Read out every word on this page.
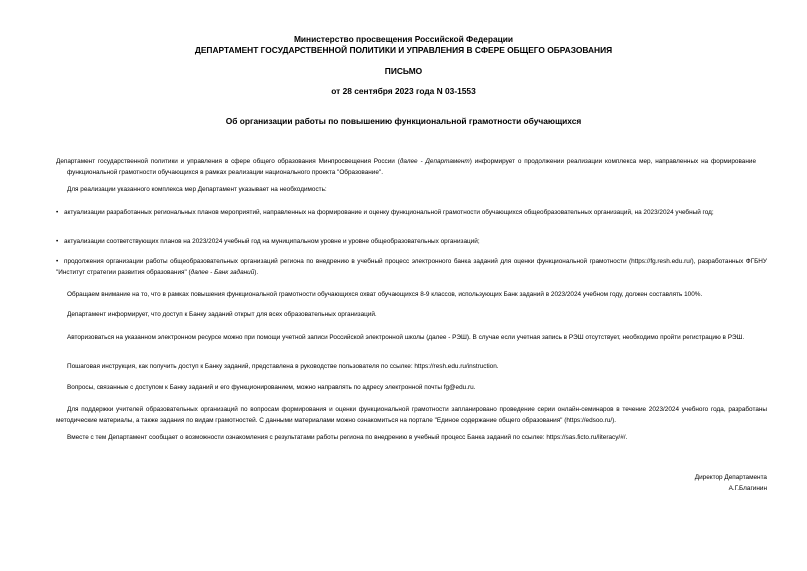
Министерство просвещения Российской Федерации
ДЕПАРТАМЕНТ ГОСУДАРСТВЕННОЙ ПОЛИТИКИ И УПРАВЛЕНИЯ В СФЕРЕ ОБЩЕГО ОБРАЗОВАНИЯ
ПИСЬМО
от 28 сентября 2023 года N 03-1553
Об организации работы по повышению функциональной грамотности обучающихся

Департамент государственной политики и управления в сфере общего образования Минпросвещения России (далее - Департамент) информирует о продолжении реализации комплекса мер, направленных на формирование функциональной грамотности обучающихся в рамках реализации национального проекта "Образование".

Для реализации указанного комплекса мер Департамент указывает на необходимость:

• актуализации разработанных региональных планов мероприятий, направленных на формирование и оценку функциональной грамотности обучающихся общеобразовательных организаций, на 2023/2024 учебный год;

• актуализации соответствующих планов на 2023/2024 учебный год на муниципальном уровне и уровне общеобразовательных организаций;

• продолжения организации работы общеобразовательных организаций региона по внедрению в учебный процесс электронного банка заданий для оценки функциональной грамотности (https://fg.resh.edu.ru/), разработанных ФГБНУ "Институт стратегии развития образования" (далее - Банк заданий).

Обращаем внимание на то, что в рамках повышения функциональной грамотности обучающихся охват обучающихся 8-9 классов, использующих Банк заданий в 2023/2024 учебном году, должен составлять 100%.

Департамент информирует, что доступ к Банку заданий открыт для всех образовательных организаций.

Авторизоваться на указанном электронном ресурсе можно при помощи учетной записи Российской электронной школы (далее - РЭШ). В случае если учетная запись в РЭШ отсутствует, необходимо пройти регистрацию в РЭШ.

Пошаговая инструкция, как получить доступ к Банку заданий, представлена в руководстве пользователя по ссылке: https://resh.edu.ru/instruction.

Вопросы, связанные с доступом к Банку заданий и его функционированием, можно направлять по адресу электронной почты fg@edu.ru.

Для поддержки учителей образовательных организаций по вопросам формирования и оценки функциональной грамотности запланировано проведение серии онлайн-семинаров в течение 2023/2024 учебного года, разработаны методические материалы, а также задания по видам грамотностей. С данными материалами можно ознакомиться на портале "Единое содержание общего образования" (https://edsoo.ru/).

Вместе с тем Департамент сообщает о возможности ознакомления с результатами работы региона по внедрению в учебный процесс Банка заданий по ссылке: https://sas.ficto.ru/literacy/#/.

Директор Департамента
А.Г.Благинин
